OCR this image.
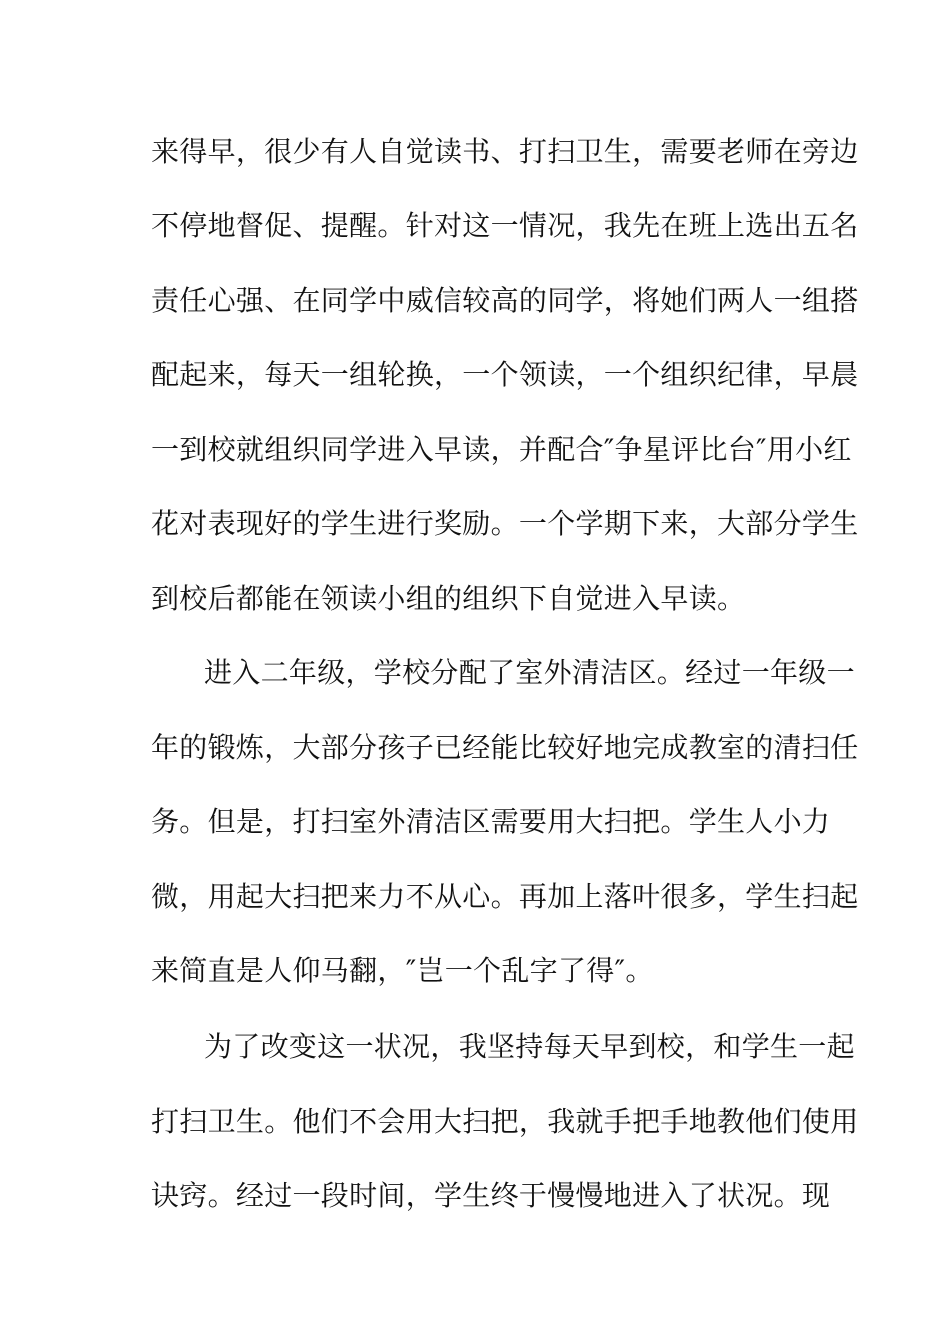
来得早，很少有人自觉读书、打扫卫生，需要老师在旁边
不停地督促、提醒。针对这一情况，我先在班上选出五名
责任心强、在同学中威信较高的同学，将她们两人一组搭
配起来，每天一组轮换，一个领读，一个组织纪律，早晨
一到校就组织同学进入早读，并配合″争星评比台″用小红
花对表现好的学生进行奖励。一个学期下来，大部分学生
到校后都能在领读小组的组织下自觉进入早读。
进入二年级，学校分配了室外清洁区。经过一年级一
年的锻炼，大部分孩子已经能比较好地完成教室的清扫任
务。但是，打扫室外清洁区需要用大扫把。学生人小力
微，用起大扫把来力不从心。再加上落叶很多，学生扫起
来简直是人仰马翻，″岂一个乱字了得″。
为了改变这一状况，我坚持每天早到校，和学生一起
打扫卫生。他们不会用大扫把，我就手把手地教他们使用
诀窍。经过一段时间，学生终于慢慢地进入了状况。现
